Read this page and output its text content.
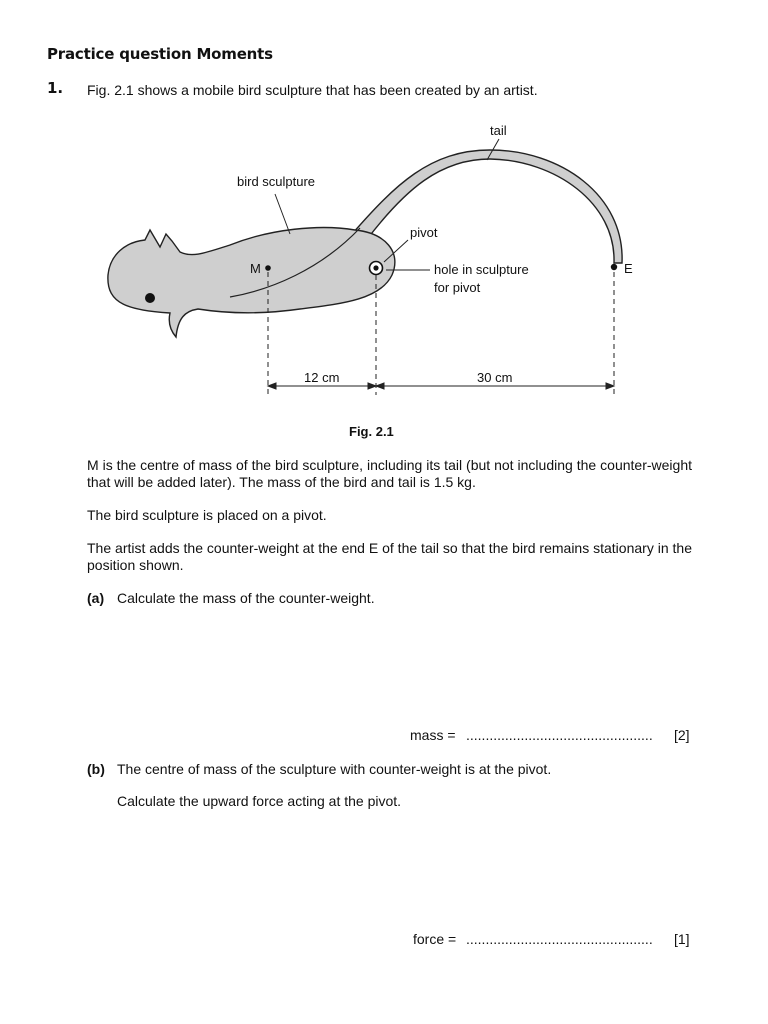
Practice question Moments
1. Fig. 2.1 shows a mobile bird sculpture that has been created by an artist.
tail
bird sculpture
pivot
M	hole in sculpture
for pivot
E
12 cm	30 cm
Fig. 2.1
M is the centre of mass of the bird sculpture, including its tail (but not including the counter-weight that will be added later). The mass of the bird and tail is 1.5 kg.
The bird sculpture is placed on a pivot.
The artist adds the counter-weight at the end E of the tail so that the bird remains stationary in the position shown.
(a) Calculate the mass of the counter-weight.
mass = ................................................	[2]
(b) The centre of mass of the sculpture with counter-weight is at the pivot.
Calculate the upward force acting at the pivot.
force = ................................................	[1]
